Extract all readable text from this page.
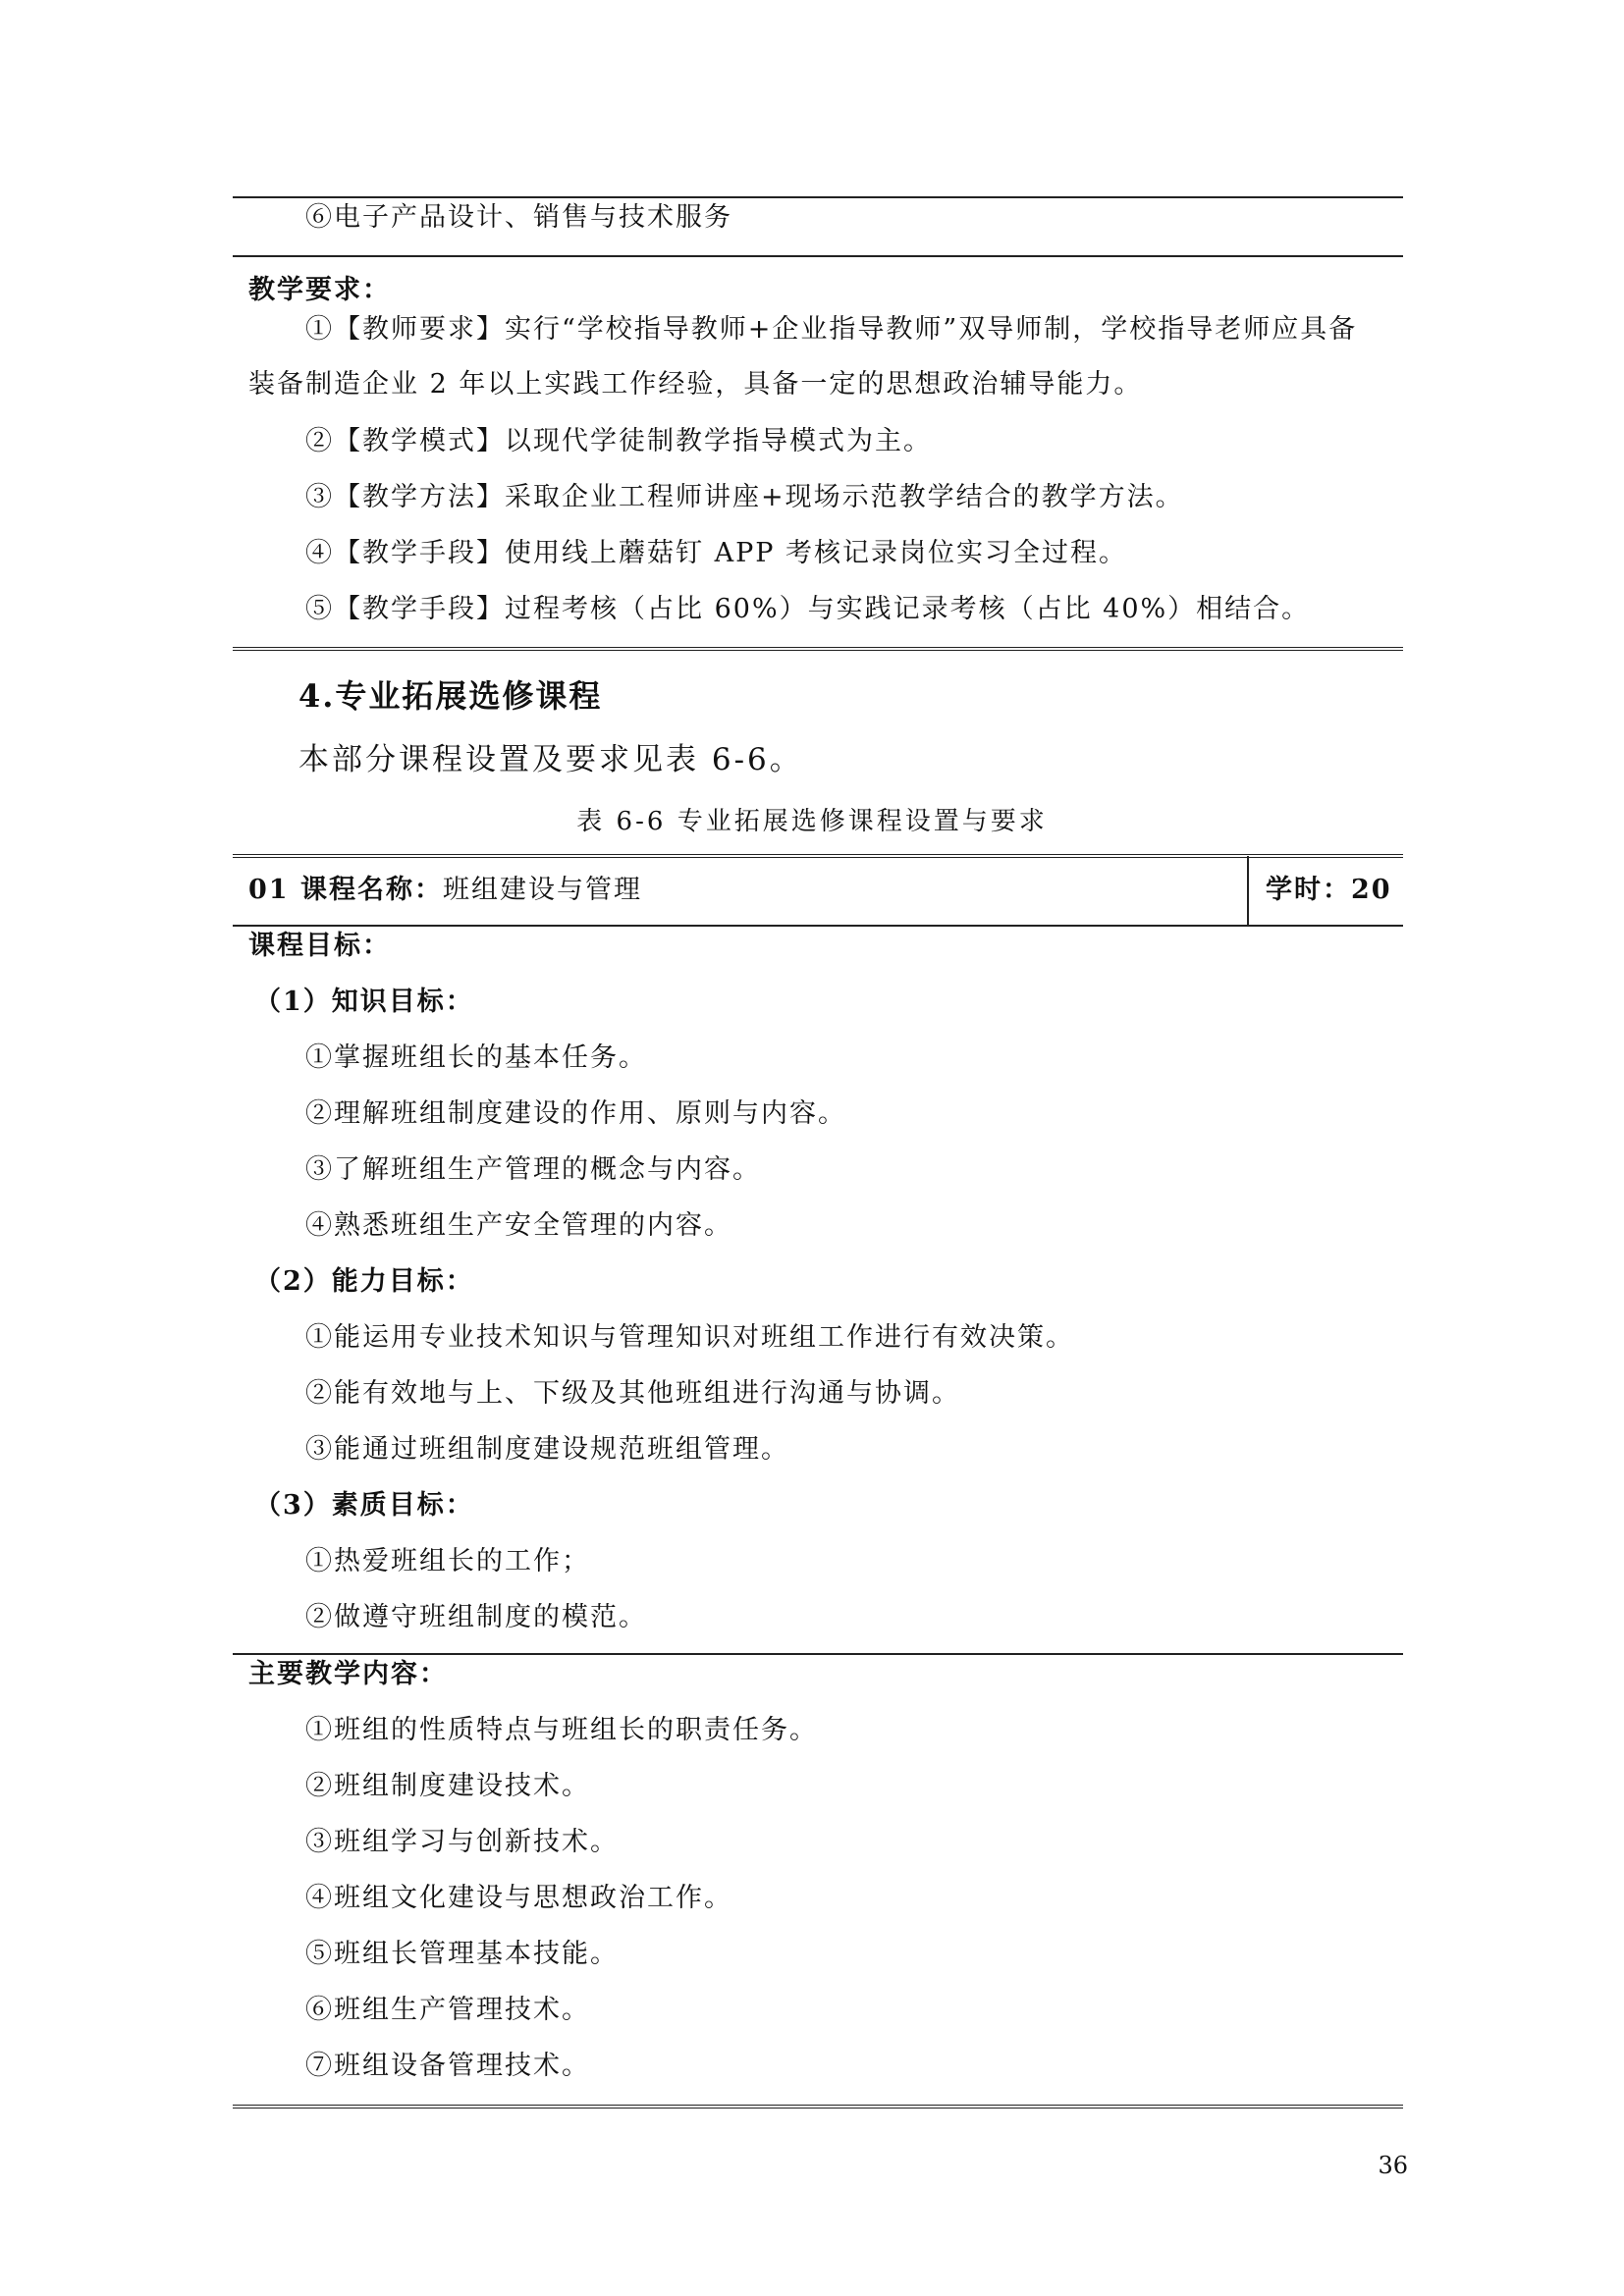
⑥电子产品设计、销售与技术服务
教学要求：
①【教师要求】实行“学校指导教师+企业指导教师”双导师制，学校指导老师应具备
装备制造企业 2 年以上实践工作经验，具备一定的思想政治辅导能力。
②【教学模式】以现代学徒制教学指导模式为主。
③【教学方法】采取企业工程师讲座+现场示范教学结合的教学方法。
④【教学手段】使用线上蘑菇钉 APP 考核记录岗位实习全过程。
⑤【教学手段】过程考核（占比 60%）与实践记录考核（占比 40%）相结合。
4.专业拓展选修课程
本部分课程设置及要求见表 6-6。
表 6-6 专业拓展选修课程设置与要求
01 课程名称：班组建设与管理	学时：20
课程目标：
（1）知识目标：
①掌握班组长的基本任务。
②理解班组制度建设的作用、原则与内容。
③了解班组生产管理的概念与内容。
④熟悉班组生产安全管理的内容。
（2）能力目标：
①能运用专业技术知识与管理知识对班组工作进行有效决策。
②能有效地与上、下级及其他班组进行沟通与协调。
③能通过班组制度建设规范班组管理。
（3）素质目标：
①热爱班组长的工作；
②做遵守班组制度的模范。
主要教学内容：
①班组的性质特点与班组长的职责任务。
②班组制度建设技术。
③班组学习与创新技术。
④班组文化建设与思想政治工作。
⑤班组长管理基本技能。
⑥班组生产管理技术。
⑦班组设备管理技术。
36
